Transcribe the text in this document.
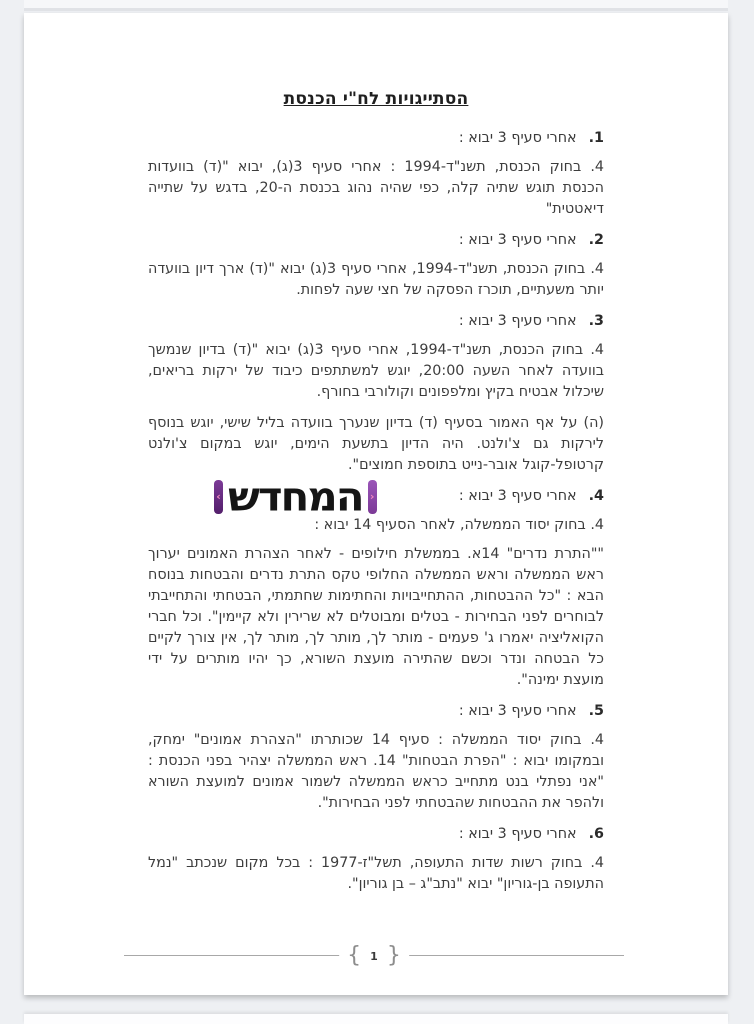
הסתייגויות לח"י הכנסת
1.אחרי סעיף 3 יבוא :

4. בחוק הכנסת, תשנ"ד-1994 : אחרי סעיף 3(ג), יבוא "(ד) בוועדות הכנסת תוגש שתיה קלה, כפי שהיה נהוג בכנסת ה-20, בדגש על שתייה דיאטטית"

2.אחרי סעיף 3 יבוא :

4. בחוק הכנסת, תשנ"ד-1994, אחרי סעיף 3(ג) יבוא "(ד) ארך דיון בוועדה יותר משעתיים, תוכרז הפסקה של חצי שעה לפחות.

3.אחרי סעיף 3 יבוא :

4. בחוק הכנסת, תשנ"ד-1994, אחרי סעיף 3(ג) יבוא "(ד) בדיון שנמשך בוועדה לאחר השעה 20:00, יוגש למשתתפים כיבוד של ירקות בריאים, שיכלול אבטיח בקיץ ומלפפונים וקולורבי בחורף.

(ה) על אף האמור בסעיף (ד) בדיון שנערך בוועדה בליל שישי, יוגש בנוסף לירקות גם צ'ולנט. היה הדיון בתשעת הימים, יוגש במקום צ'ולנט קרטופל-קוגל אובר-נייט בתוספת חמוצים".

4.אחרי סעיף 3 יבוא :
‹ המחדש ›

4. בחוק יסוד הממשלה, לאחר הסעיף 14 יבוא :

""התרת נדרים" 14א. בממשלת חילופים - לאחר הצהרת האמונים יערוך ראש הממשלה וראש הממשלה החלופי טקס התרת נדרים והבטחות בנוסח הבא : "כל ההבטחות, ההתחייבויות והחתימות שחתמתי, הבטחתי והתחייבתי לבוחרים לפני הבחירות - בטלים ומבוטלים לא שרירין ולא קיימין". וכל חברי הקואליציה יאמרו ג' פעמים - מותר לך, מותר לך, מותר לך, אין צורך לקיים כל הבטחה ונדר וכשם שהתירה מועצת השורא, כך יהיו מותרים על ידי מועצת ימינה".

5.אחרי סעיף 3 יבוא :

4. בחוק יסוד הממשלה : סעיף 14 שכותרתו "הצהרת אמונים" ימחק, ובמקומו יבוא : "הפרת הבטחות" 14. ראש הממשלה יצהיר בפני הכנסת : "אני נפתלי בנט מתחייב כראש הממשלה לשמור אמונים למועצת השורא ולהפר את ההבטחות שהבטחתי לפני הבחירות".

6.אחרי סעיף 3 יבוא :

4. בחוק רשות שדות התעופה, תשל"ז-1977 : בכל מקום שנכתב "נמל התעופה בן-גוריון" יבוא "נתב"ג – בן גוריון".

{ 1 }
